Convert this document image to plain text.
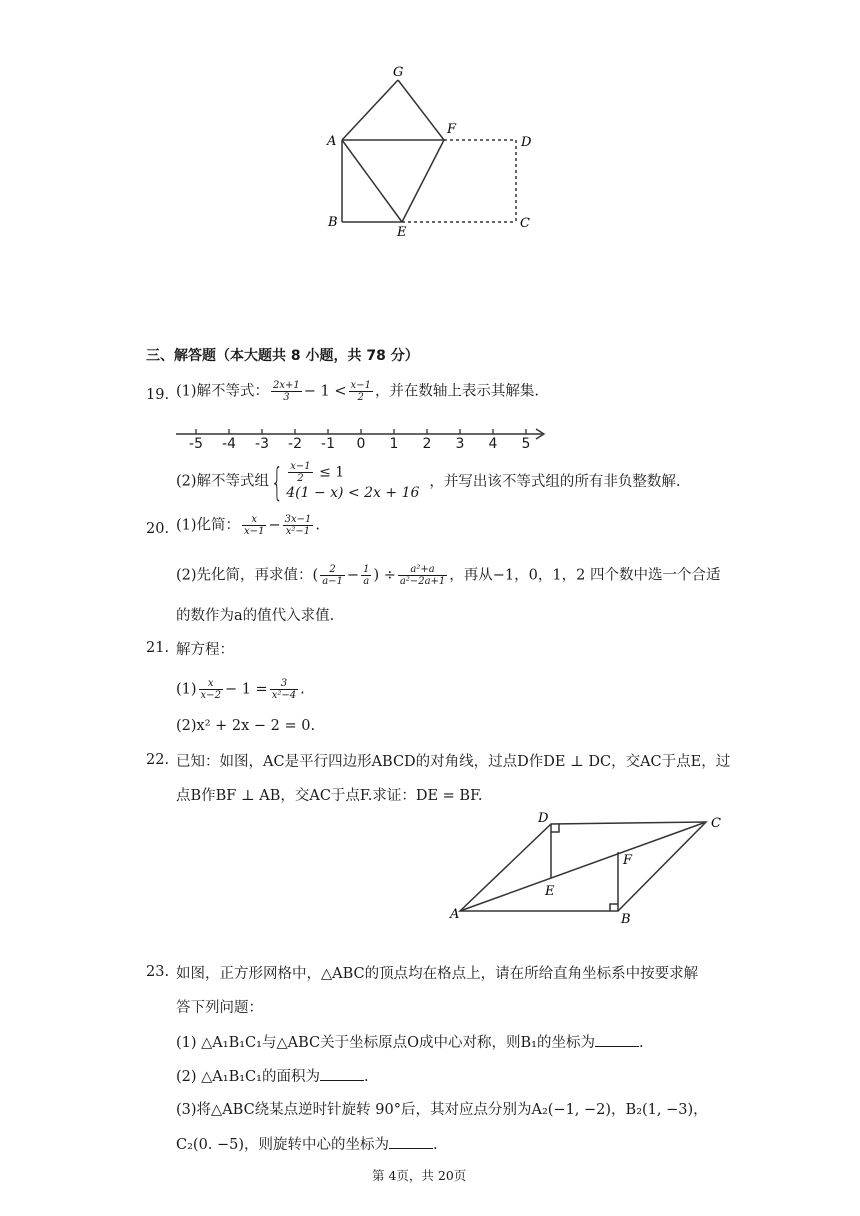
G
A
F
D
B
E
C
三、解答题（本大题共 8 小题，共 78 分）
19. (1)解不等式： $\frac{2x+1}{3} - 1 < \frac{x-1}{2}$ ，并在数轴上表示其解集.
-5 -4 -3 -2 -1	0	1	2	3	4	5
(2)解不等式组{ $\frac{x-1}{2} \le 1$
4(1 − x) < 2x + 16
，并写出该不等式组的所有非负整数解.
20. (1)化简： $\frac{x}{x-1} - \frac{3x-1}{\text{x²−1}}$ .
(2)先化简，再求值：( $\frac{2}{a-1} - \frac{1}{a}$ ) ÷ $\frac{\text{a²+a}}{\text{a²−2a+1}}$ ，再从−1，0，1，2 四个数中选一个合适
的数作为a的值代入求值.
21. 解方程：
$(1) \frac{x}{x-2} - 1 = \frac{3}{\text{x²−4}}$ .
(2)x² + 2x − 2 = 0.
22. 已知：如图，AC是平行四边形ABCD的对角线，过点D作DE ⊥ DC，交AC于点E，过
点B作BF ⊥ AB，交AC于点F.求证：DE = BF.
D	C
F
E
A	B
23. 如图，正方形网格中，△ABC的顶点均在格点上，请在所给直角坐标系中按要求解
答下列问题：
(1) △A₁B₁C₁与△ABC关于坐标原点O成中心对称，则B₁的坐标为	.
(2) △A₁B₁C₁的面积为	.
(3)将△ABC绕某点逆时针旋转 90°后，其对应点分别为A₂(−1, −2)，B₂(1, −3)，
C₂(0. −5)，则旋转中心的坐标为	.
第 4页，共 20页
